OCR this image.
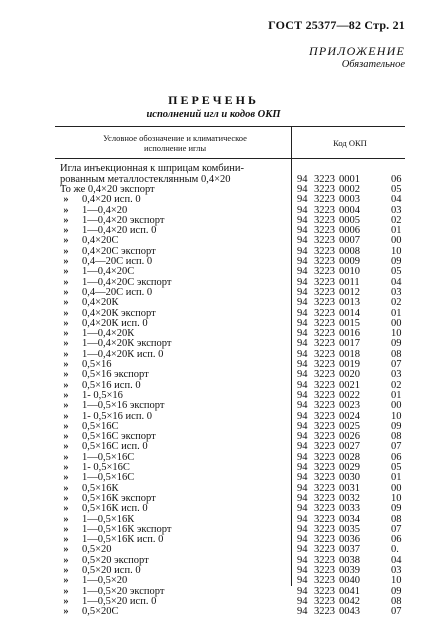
ГОСТ 25377—82 Стр. 21
ПРИЛОЖЕНИЕ
Обязательное
ПЕРЕЧЕНЬ
исполнений игл и кодов ОКП
Условное обозначение и климатическое
исполнение иглы	Код ОКП
Игла инъекционная к шприцам комбини-
рованным металлостеклянным 0,4×20	94 3223 0001	06
То же 0,4×20 экспорт	94 3223 0002	05
»	0,4×20 исп. 0	94 3223 0003	04
»	1—0,4×20	94 3223 0004	03
»	1—0,4×20 экспорт	94 3223 0005	02
»	1—0,4×20 исп. 0	94 3223 0006	01
»	0,4×20С	94 3223 0007	00
»	0,4×20С экспорт	94 3223 0008	10
»	0,4—20С исп. 0	94 3223 0009	09
»	1—0,4×20С	94 3223 0010	05
»	1—0,4×20С экспорт	94 3223 0011	04
»	0,4—20С исп. 0	94 3223 0012	03
»	0,4×20К	94 3223 0013	02
»	0,4×20К экспорт	94 3223 0014	01
»	0,4×20К исп. 0	94 3223 0015	00
»	1—0,4×20К	94 3223 0016	10
»	1—0,4×20К экспорт	94 3223 0017	09
»	1—0,4×20К исп. 0	94 3223 0018	08
»	0,5×16	94 3223 0019	07
»	0,5×16 экспорт	94 3223 0020	03
»	0,5×16 исп. 0	94 3223 0021	02
»	1- 0,5×16	94 3223 0022	01
»	1—0,5×16 экспорт	94 3223 0023	00
»	1- 0,5×16 исп. 0	94 3223 0024	10
»	0,5×16С	94 3223 0025	09
»	0,5×16С экспорт	94 3223 0026	08
»	0,5×16С исп. 0	94 3223 0027	07
»	1—0,5×16С	94 3223 0028	06
»	1- 0,5×16С	94 3223 0029	05
»	1—0,5×16С	94 3223 0030	01
»	0,5×16К	94 3223 0031	00
»	0,5×16К экспорт	94 3223 0032	10
»	0,5×16К исп. 0	94 3223 0033	09
»	1—0,5×16К	94 3223 0034	08
»	1—0,5×16К экспорт	94 3223 0035	07
»	1—0,5×16К исп. 0	94 3223 0036	06
»	0,5×20	94 3223 0037	0.
»	0,5×20 экспорт	94 3223 0038	04
»	0,5×20 исп. 0	94 3223 0039	03
»	1—0,5×20	94 3223 0040	10
»	1—0,5×20 экспорт	94 3223 0041	09
»	1—0,5×20 исп. 0	94 3223 0042	08
»	0,5×20С	94 3223 0043	07
